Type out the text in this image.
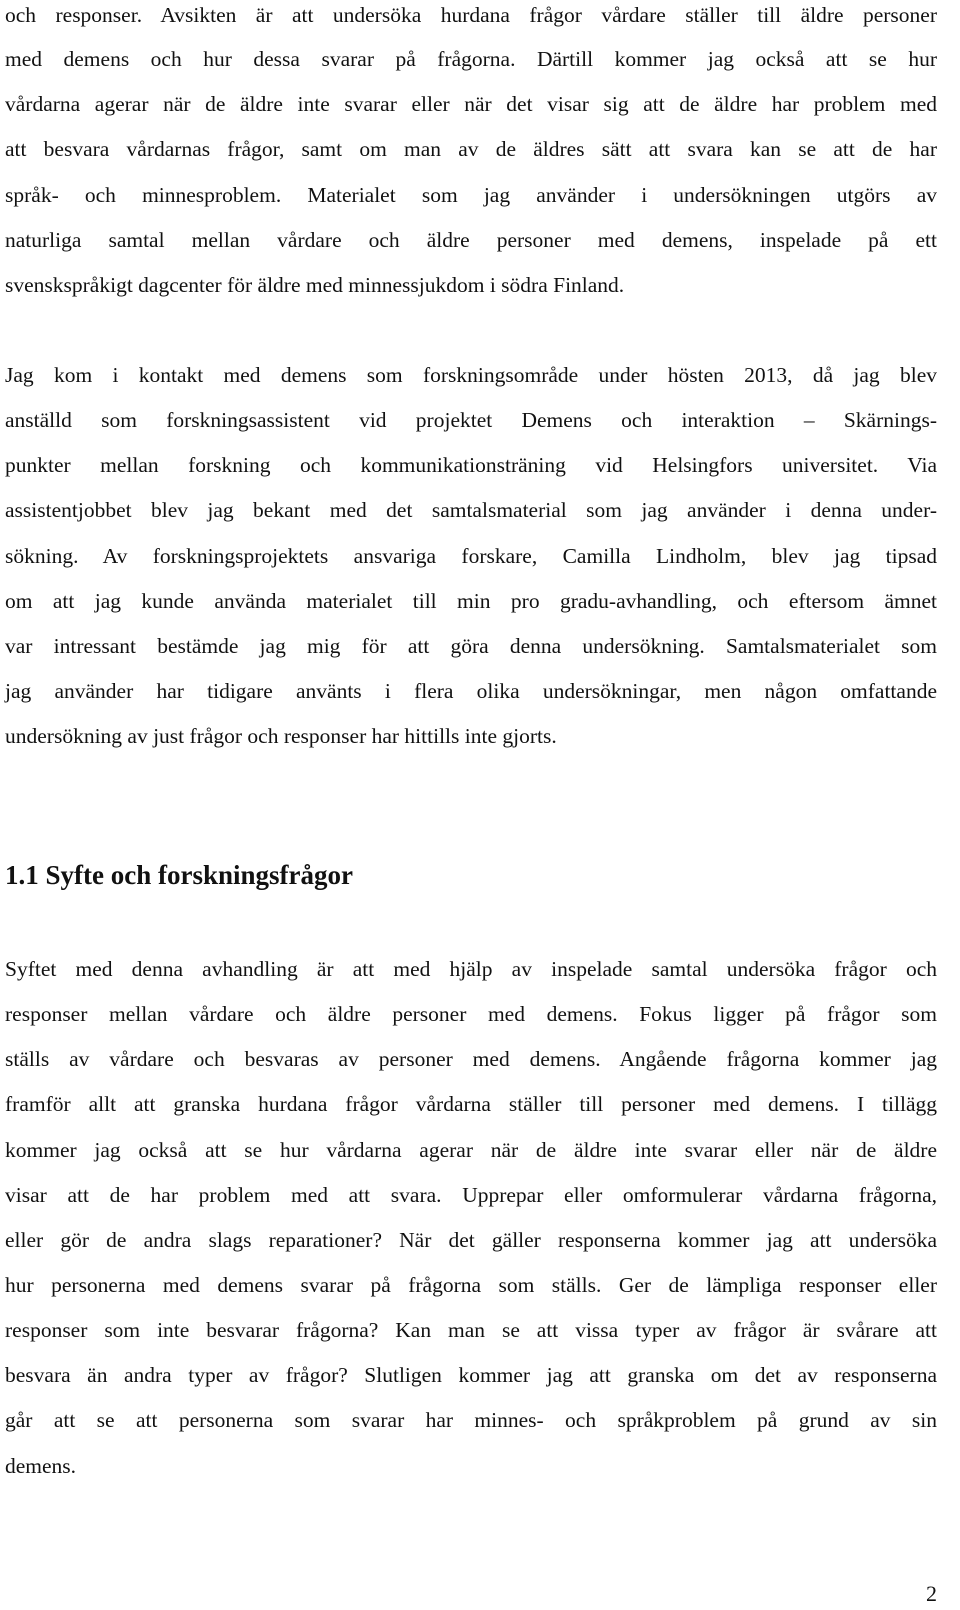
och responser. Avsikten är att undersöka hurdana frågor vårdare ställer till äldre personer
med demens och hur dessa svarar på frågorna. Därtill kommer jag också att se hur
vårdarna agerar när de äldre inte svarar eller när det visar sig att de äldre har problem med
att besvara vårdarnas frågor, samt om man av de äldres sätt att svara kan se att de har
språk- och minnesproblem. Materialet som jag använder i undersökningen utgörs av
naturliga samtal mellan vårdare och äldre personer med demens, inspelade på ett
svenskspråkigt dagcenter för äldre med minnessjukdom i södra Finland.
Jag kom i kontakt med demens som forskningsområde under hösten 2013, då jag blev
anställd som forskningsassistent vid projektet Demens och interaktion – Skärnings-
punkter mellan forskning och kommunikationsträning vid Helsingfors universitet. Via
assistentjobbet blev jag bekant med det samtalsmaterial som jag använder i denna under-
sökning. Av forskningsprojektets ansvariga forskare, Camilla Lindholm, blev jag tipsad
om att jag kunde använda materialet till min pro gradu-avhandling, och eftersom ämnet
var intressant bestämde jag mig för att göra denna undersökning. Samtalsmaterialet som
jag använder har tidigare använts i flera olika undersökningar, men någon omfattande
undersökning av just frågor och responser har hittills inte gjorts.
1.1 Syfte och forskningsfrågor
Syftet med denna avhandling är att med hjälp av inspelade samtal undersöka frågor och
responser mellan vårdare och äldre personer med demens. Fokus ligger på frågor som
ställs av vårdare och besvaras av personer med demens. Angående frågorna kommer jag
framför allt att granska hurdana frågor vårdarna ställer till personer med demens. I tillägg
kommer jag också att se hur vårdarna agerar när de äldre inte svarar eller när de äldre
visar att de har problem med att svara. Upprepar eller omformulerar vårdarna frågorna,
eller gör de andra slags reparationer? När det gäller responserna kommer jag att undersöka
hur personerna med demens svarar på frågorna som ställs. Ger de lämpliga responser eller
responser som inte besvarar frågorna? Kan man se att vissa typer av frågor är svårare att
besvara än andra typer av frågor? Slutligen kommer jag att granska om det av responserna
går att se att personerna som svarar har minnes- och språkproblem på grund av sin
demens.
2
